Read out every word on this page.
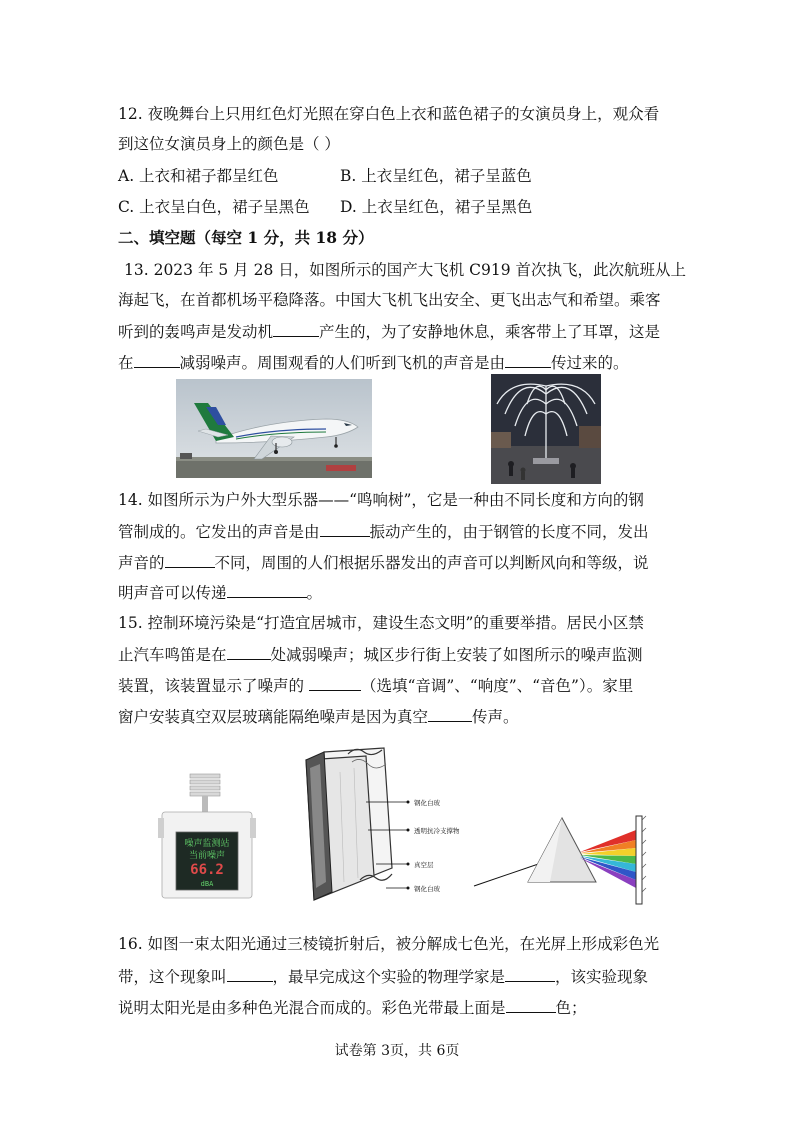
12. 夜晚舞台上只用红色灯光照在穿白色上衣和蓝色裙子的女演员身上，观众看
到这位女演员身上的颜色是（ ）
A. 上衣和裙子都呈红色	B. 上衣呈红色，裙子呈蓝色
C. 上衣呈白色，裙子呈黑色 D. 上衣呈红色，裙子呈黑色
二、填空题（每空 1 分，共 18 分）
13. 2023 年 5 月 28 日，如图所示的国产大飞机 C919 首次执飞，此次航班从上
海起飞，在首都机场平稳降落。中国大飞机飞出安全、更飞出志气和希望。乘客
听到的轰鸣声是发动机	产生的，为了安静地休息，乘客带上了耳罩，这是
在	减弱噪声。周围观看的人们听到飞机的声音是由	传过来的。
14. 如图所示为户外大型乐器——“鸣响树”，它是一种由不同长度和方向的钢
管制成的。它发出的声音是由	振动产生的，由于钢管的长度不同，发出
声音的	不同，周围的人们根据乐器发出的声音可以判断风向和等级，说
明声音可以传递	。
15. 控制环境污染是“打造宜居城市，建设生态文明”的重要举措。居民小区禁
止汽车鸣笛是在	处减弱噪声；城区步行街上安装了如图所示的噪声监测
装置，该装置显示了噪声的	（选填“音调”、“响度”、“音色”）。家里
窗户安装真空双层玻璃能隔绝噪声是因为真空	传声。
噪声监测站
当前噪声
66.2
dBA
钢化白玻
透明抗冷支撑物
真空层
钢化白玻
16. 如图一束太阳光通过三棱镜折射后，被分解成七色光，在光屏上形成彩色光
带，这个现象叫	，最早完成这个实验的物理学家是	，该实验现象
说明太阳光是由多种色光混合而成的。彩色光带最上面是	色；
试卷第 3页，共 6页
